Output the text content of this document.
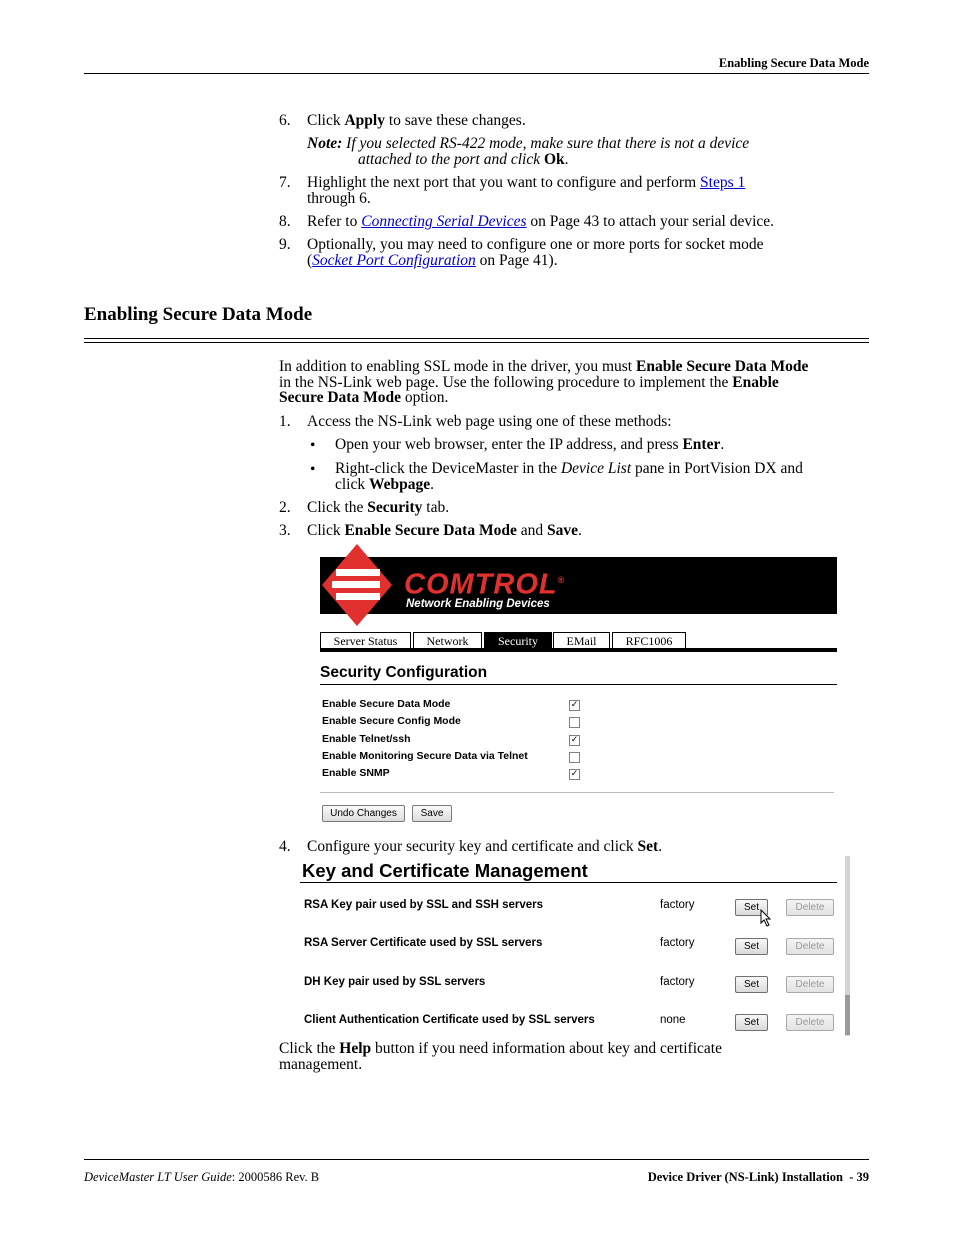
Enabling Secure Data Mode
6. Click Apply to save these changes.
Note: If you selected RS-422 mode, make sure that there is not a device
attached to the port and click Ok.
7. Highlight the next port that you want to configure and perform Steps 1
through 6.
8. Refer to Connecting Serial Devices on Page 43 to attach your serial device.
9. Optionally, you may need to configure one or more ports for socket mode
(Socket Port Configuration on Page 41).
Enabling Secure Data Mode
In addition to enabling SSL mode in the driver, you must Enable Secure Data Mode
in the NS-Link web page. Use the following procedure to implement the Enable
Secure Data Mode option.
1. Access the NS-Link web page using one of these methods:
• Open your web browser, enter the IP address, and press Enter.
• Right-click the DeviceMaster in the Device List pane in PortVision DX and
click Webpage.
2. Click the Security tab.
3. Click Enable Secure Data Mode and Save.
COMTROL®
Network Enabling Devices
Server Status	Network	Security	EMail	RFC1006
Security Configuration
Enable Secure Data Mode	✓
Enable Secure Config Mode
Enable Telnet/ssh	✓
Enable Monitoring Secure Data via Telnet
Enable SNMP	✓
Undo Changes	Save
4. Configure your security key and certificate and click Set.
Key and Certificate Management
RSA Key pair used by SSL and SSH servers	factory	Set	Delete
RSA Server Certificate used by SSL servers	factory	Set	Delete
DH Key pair used by SSL servers	factory	Set	Delete
Client Authentication Certificate used by SSL servers	none	Set	Delete
Click the Help button if you need information about key and certificate
management.
DeviceMaster LT User Guide: 2000586 Rev. B	Device Driver (NS-Link) Installation  - 39
